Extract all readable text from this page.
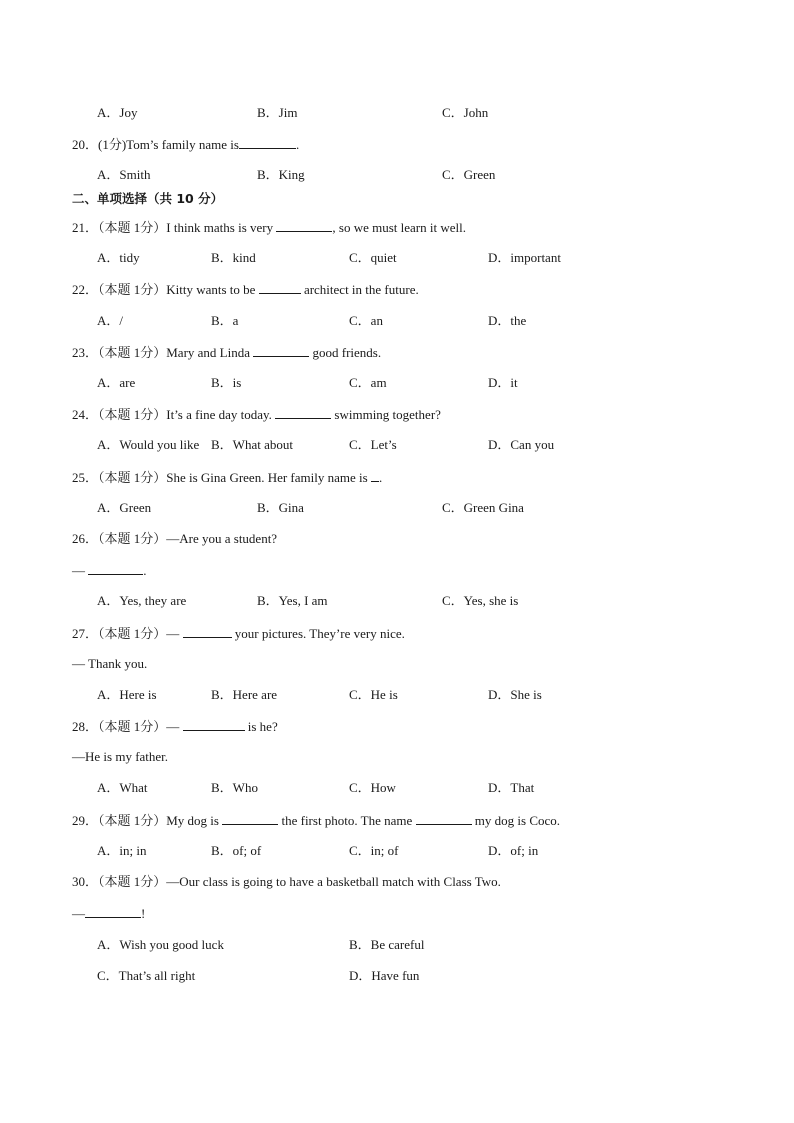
A．Joy	B．Jim	C．John
20．(1分)Tom’s family name is	.
A．Smith	B．King	C．Green
二、单项选择（共 10 分）
21．（本题 1分）I think maths is very	, so we must learn it well.
A．tidy	B．kind	C．quiet	D．important
22．（本题 1分）Kitty wants to be	architect in the future.
A．/	B．a	C．an	D．the
23．（本题 1分）Mary and Linda	good friends.
A．are	B．is	C．am	D．it
24．（本题 1分）It’s a fine day today.	swimming together?
A．Would you like B．What about	C．Let’s	D．Can you
25．（本题 1分）She is Gina Green. Her family name is .
A．Green	B．Gina	C．Green Gina
26．（本题 1分）—Are you a student?
—	.
A．Yes, they are	B．Yes, I am	C．Yes, she is
27．（本题 1分）—	your pictures. They’re very nice.
— Thank you.
A．Here is	B．Here are	C．He is	D．She is
28．（本题 1分）—	is he?
—He is my father.
A．What	B．Who	C．How	D．That
29．（本题 1分）My dog is	the first photo. The name	my dog is Coco.
A．in; in	B．of; of	C．in; of	D．of; in
30．（本题 1分）—Our class is going to have a basketball match with Class Two.
—	!
A．Wish you good luck	B．Be careful
C．That’s all right	D．Have fun
